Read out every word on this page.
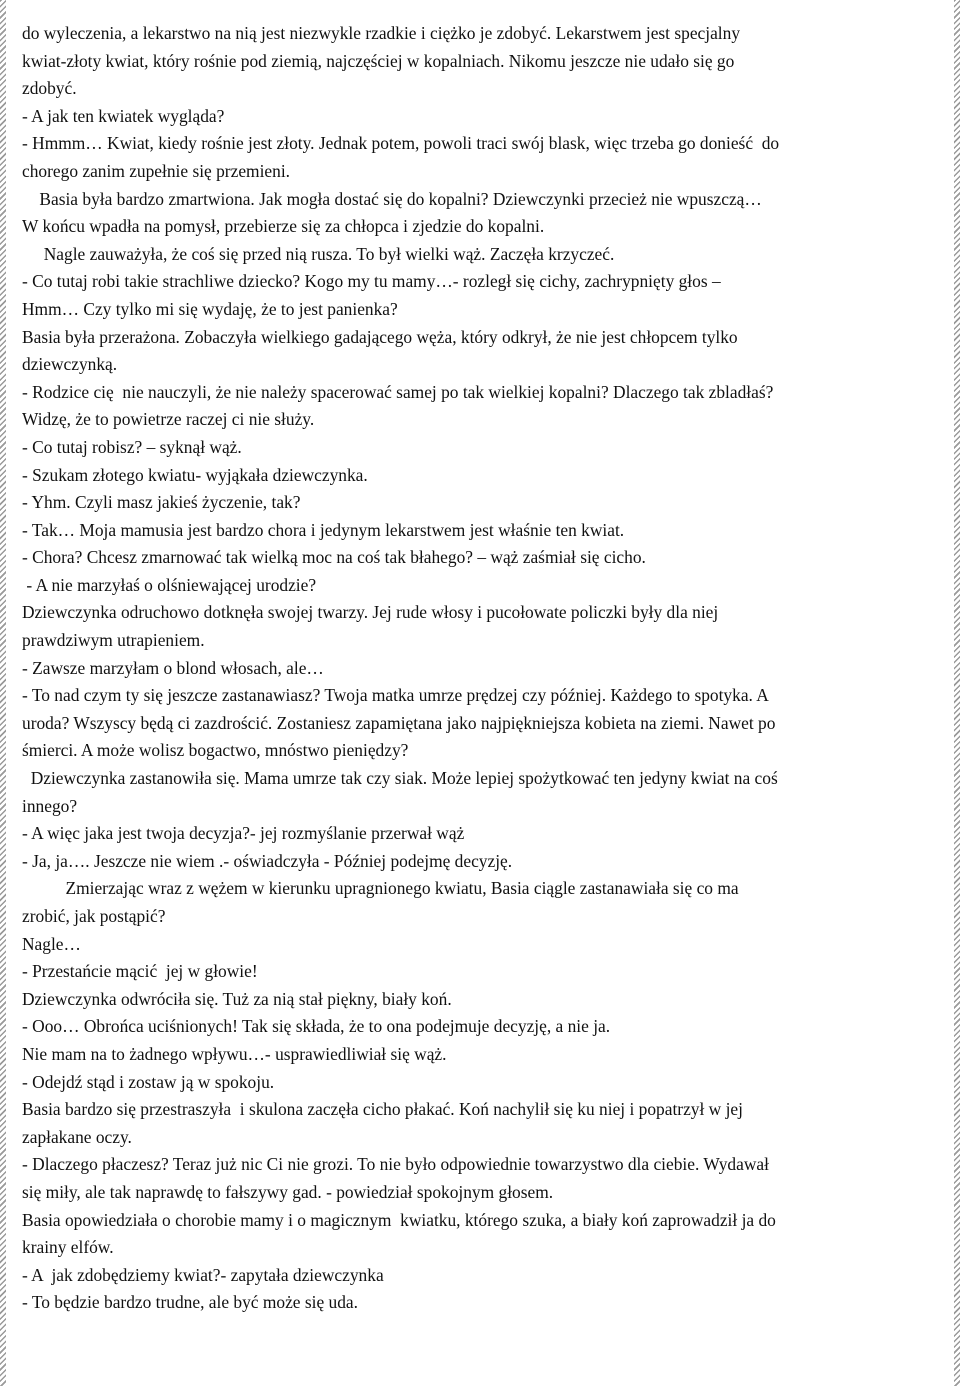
do wyleczenia, a lekarstwo na nią jest niezwykle rzadkie i ciężko je zdobyć. Lekarstwem jest specjalny
kwiat-złoty kwiat, który rośnie pod ziemią, najczęściej w kopalniach. Nikomu jeszcze nie udało się go
zdobyć.
- A jak ten kwiatek wygląda?
- Hmmm… Kwiat, kiedy rośnie jest złoty. Jednak potem, powoli traci swój blask, więc trzeba go donieść  do
chorego zanim zupełnie się przemieni.
Basia była bardzo zmartwiona. Jak mogła dostać się do kopalni? Dziewczynki przecież nie wpuszczą…
W końcu wpadła na pomysł, przebierze się za chłopca i zjedzie do kopalni.
Nagle zauważyła, że coś się przed nią rusza. To był wielki wąż. Zaczęła krzyczeć.
- Co tutaj robi takie strachliwe dziecko? Kogo my tu mamy…- rozległ się cichy, zachrypnięty głos –
Hmm… Czy tylko mi się wydaję, że to jest panienka?
Basia była przerażona. Zobaczyła wielkiego gadającego węża, który odkrył, że nie jest chłopcem tylko
dziewczynką.
- Rodzice cię  nie nauczyli, że nie należy spacerować samej po tak wielkiej kopalni? Dlaczego tak zbladłaś?
Widzę, że to powietrze raczej ci nie służy.
- Co tutaj robisz? – syknął wąż.
- Szukam złotego kwiatu- wyjąkała dziewczynka.
- Yhm. Czyli masz jakieś życzenie, tak?
- Tak… Moja mamusia jest bardzo chora i jedynym lekarstwem jest właśnie ten kwiat.
- Chora? Chcesz zmarnować tak wielką moc na coś tak błahego? – wąż zaśmiał się cicho.
- A nie marzyłaś o olśniewającej urodzie?
Dziewczynka odruchowo dotknęła swojej twarzy. Jej rude włosy i pucołowate policzki były dla niej
prawdziwym utrapieniem.
- Zawsze marzyłam o blond włosach, ale…
- To nad czym ty się jeszcze zastanawiasz? Twoja matka umrze prędzej czy później. Każdego to spotyka. A
uroda? Wszyscy będą ci zazdrościć. Zostaniesz zapamiętana jako najpiękniejsza kobieta na ziemi. Nawet po
śmierci. A może wolisz bogactwo, mnóstwo pieniędzy?
Dziewczynka zastanowiła się. Mama umrze tak czy siak. Może lepiej spożytkować ten jedyny kwiat na coś
innego?
- A więc jaka jest twoja decyzja?- jej rozmyślanie przerwał wąż
- Ja, ja…. Jeszcze nie wiem .- oświadczyła - Później podejmę decyzję.
Zmierzając wraz z wężem w kierunku upragnionego kwiatu, Basia ciągle zastanawiała się co ma
zrobić, jak postąpić?
Nagle…
- Przestańcie mącić  jej w głowie!
Dziewczynka odwróciła się. Tuż za nią stał piękny, biały koń.
- Ooo… Obrońca uciśnionych! Tak się składa, że to ona podejmuje decyzję, a nie ja.
Nie mam na to żadnego wpływu…- usprawiedliwiał się wąż.
- Odejdź stąd i zostaw ją w spokoju.
Basia bardzo się przestraszyła  i skulona zaczęła cicho płakać. Koń nachylił się ku niej i popatrzył w jej
zapłakane oczy.
- Dlaczego płaczesz? Teraz już nic Ci nie grozi. To nie było odpowiednie towarzystwo dla ciebie. Wydawał
się miły, ale tak naprawdę to fałszywy gad. - powiedział spokojnym głosem.
Basia opowiedziała o chorobie mamy i o magicznym  kwiatku, którego szuka, a biały koń zaprowadził ja do
krainy elfów.
- A  jak zdobędziemy kwiat?- zapytała dziewczynka
- To będzie bardzo trudne, ale być może się uda.
